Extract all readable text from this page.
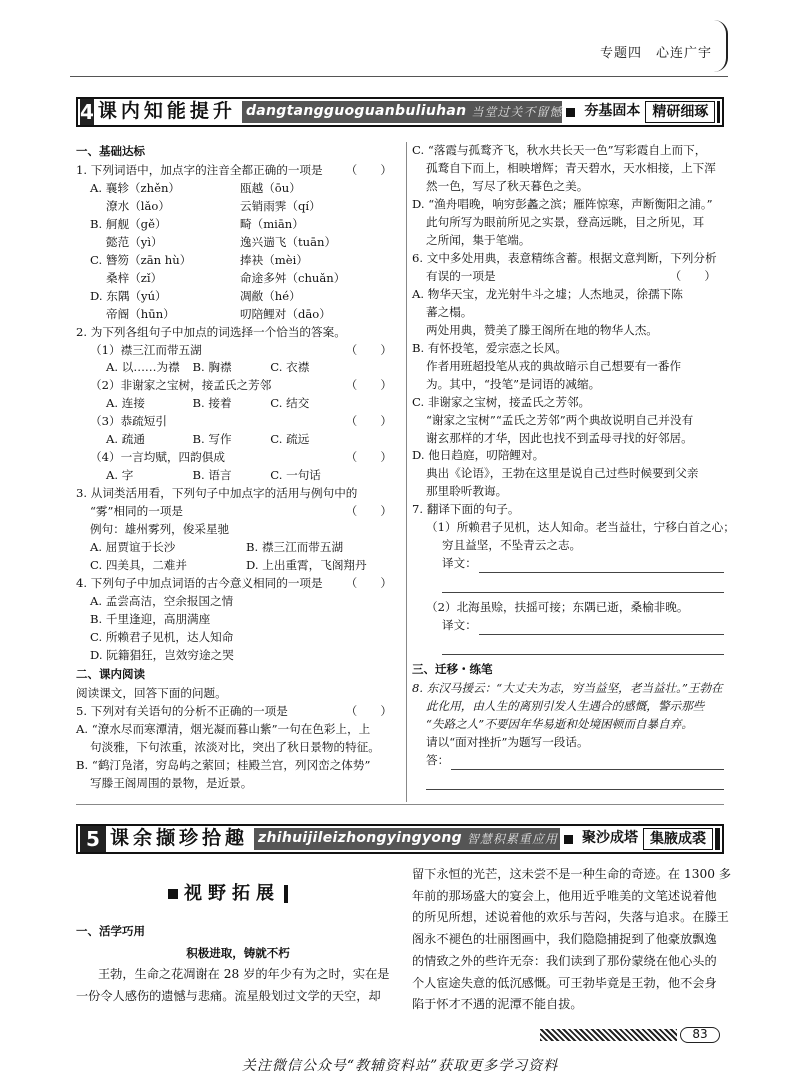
专题四　心连广宇
4 课内知能提升 dangtangguoguanbuliuhan 当堂过关不留憾	夯基固本 精研细琢

一、基础达标

1. 下列词语中，加点字的注音全都正确的一项是 （　　）

A. 襄轸（zhěn）	瓯越（ōu）

潦水（lǎo）	云销雨霁（qí）

B. 舸舰（gě）	畸（miān）

懿范（yì）	逸兴遄飞（tuān）

C. 簪笏（zān hù）	捧袂（mèi）

桑梓（zǐ）	命途多舛（chuǎn）

D. 东隅（yú）	凋敝（hé）

帝阍（hūn）	叨陪鲤对（dāo）

2. 为下列各组句子中加点的词选择一个恰当的答案。

（1）襟三江而带五湖	（　　）

A. 以……为襟	B. 胸襟	C. 衣襟

（2）非谢家之宝树，接孟氏之芳邻	（　　）

A. 连接	B. 接着	C. 结交

（3）恭疏短引	（　　）

A. 疏通	B. 写作	C. 疏远

（4）一言均赋，四韵俱成	（　　）

A. 字	B. 语言	C. 一句话

3. 从词类活用看，下列句子中加点字的活用与例句中的

“雾”相同的一项是	（　　）

例句：雄州雾列，俊采星驰

A. 屈贾谊于长沙	B. 襟三江而带五湖

C. 四美具，二难并	D. 上出重霄，飞阁翔丹

4. 下列句子中加点词语的古今意义相同的一项是 （　　）

A. 孟尝高洁，空余报国之情

B. 千里逢迎，高朋满座

C. 所赖君子见机，达人知命

D. 阮籍猖狂，岂效穷途之哭

二、课内阅读

阅读课文，回答下面的问题。

5. 下列对有关语句的分析不正确的一项是	（　　）

A. “潦水尽而寒潭清，烟光凝而暮山紫”一句在色彩上，上

句淡雅，下句浓重，浓淡对比，突出了秋日景物的特征。

B. “鹤汀凫渚，穷岛屿之萦回；桂殿兰宫，列冈峦之体势”

写滕王阁周围的景物，是近景。

C. “落霞与孤鹜齐飞，秋水共长天一色”写彩霞自上而下，

孤鹜自下而上，相映增辉；青天碧水，天水相接，上下浑

然一色，写尽了秋天暮色之美。

D. “渔舟唱晚，响穷彭蠡之滨；雁阵惊寒，声断衡阳之浦。”

此句所写为眼前所见之实景，登高远眺，目之所见，耳

之所闻，集于笔端。

6. 文中多处用典，表意精练含蓄。根据文意判断，下列分析

有误的一项是	（　　）

A. 物华天宝，龙光射牛斗之墟；人杰地灵，徐孺下陈

蕃之榻。

两处用典，赞美了滕王阁所在地的物华人杰。

B. 有怀投笔，爱宗悫之长风。

作者用班超投笔从戎的典故暗示自己想要有一番作

为。其中，“投笔”是词语的减缩。

C. 非谢家之宝树，接孟氏之芳邻。

“谢家之宝树”“孟氏之芳邻”两个典故说明自己并没有

谢玄那样的才华，因此也找不到孟母寻找的好邻居。

D. 他日趋庭，叨陪鲤对。

典出《论语》，王勃在这里是说自己过些时候要到父亲

那里聆听教诲。

7. 翻译下面的句子。

（1）所赖君子见机，达人知命。老当益壮，宁移白首之心；

穷且益坚，不坠青云之志。

译文：

（2）北海虽赊，扶摇可接；东隅已逝，桑榆非晚。

译文：

三、迁移・练笔

8. 东汉马援云：“大丈夫为志，穷当益坚，老当益壮。”王勃在

此化用，由人生的离别引发人生遇合的感慨，警示那些

“失路之人”不要因年华易逝和处境困顿而自暴自弃。

请以“面对挫折”为题写一段话。

答：

5 课余撷珍拾趣 zhihuijileizhongyingyong 智慧积累重应用	聚沙成塔 集腋成裘
视野拓展

一、活学巧用

积极进取，铸就不朽

王勃，生命之花凋谢在 28 岁的年少有为之时，实在是

一份令人感伤的遗憾与悲痛。流星般划过文学的天空，却

留下永恒的光芒，这未尝不是一种生命的奇迹。在 1300 多

年前的那场盛大的宴会上，他用近乎唯美的文笔述说着他

的所见所想，述说着他的欢乐与苦闷，失落与追求。在滕王

阁永不褪色的壮丽图画中，我们隐隐捕捉到了他豪放飘逸

的情致之外的些许无奈：我们读到了那份蒙绕在他心头的

个人宦途失意的低沉感慨。可王勃毕竟是王勃，他不会身

陷于怀才不遇的泥潭不能自拔。

83
关注微信公众号“教辅资料站”获取更多学习资料
